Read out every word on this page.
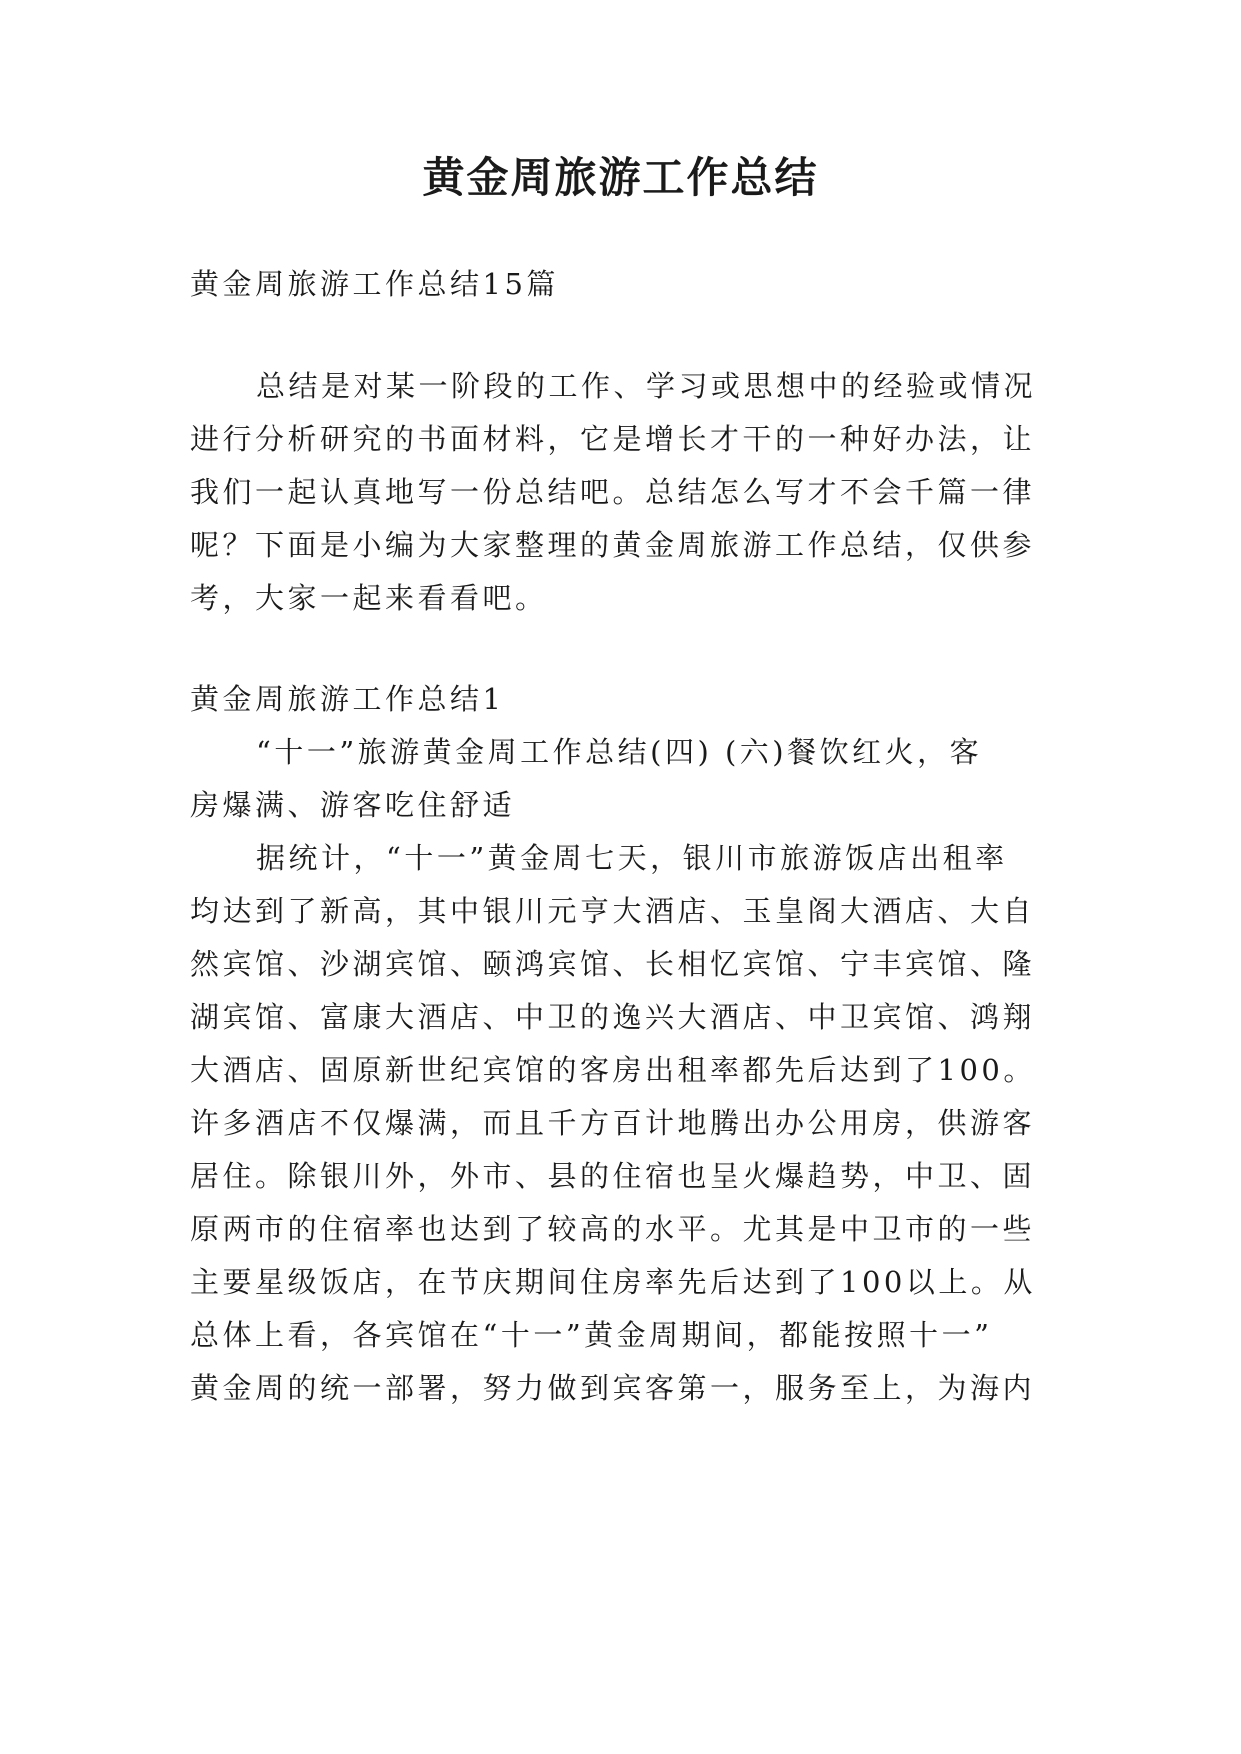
黄金周旅游工作总结
黄金周旅游工作总结15篇
总结是对某一阶段的工作、学习或思想中的经验或情况
进行分析研究的书面材料，它是增长才干的一种好办法，让
我们一起认真地写一份总结吧。总结怎么写才不会千篇一律
呢？下面是小编为大家整理的黄金周旅游工作总结，仅供参
考，大家一起来看看吧。
黄金周旅游工作总结1
“十一”旅游黄金周工作总结(四) (六)餐饮红火，客
房爆满、游客吃住舒适
据统计，“十一”黄金周七天，银川市旅游饭店出租率
均达到了新高，其中银川元亨大酒店、玉皇阁大酒店、大自
然宾馆、沙湖宾馆、颐鸿宾馆、长相忆宾馆、宁丰宾馆、隆
湖宾馆、富康大酒店、中卫的逸兴大酒店、中卫宾馆、鸿翔
大酒店、固原新世纪宾馆的客房出租率都先后达到了100。
许多酒店不仅爆满，而且千方百计地腾出办公用房，供游客
居住。除银川外，外市、县的住宿也呈火爆趋势，中卫、固
原两市的住宿率也达到了较高的水平。尤其是中卫市的一些
主要星级饭店，在节庆期间住房率先后达到了100以上。从
总体上看，各宾馆在“十一”黄金周期间，都能按照十一”
黄金周的统一部署，努力做到宾客第一，服务至上，为海内
